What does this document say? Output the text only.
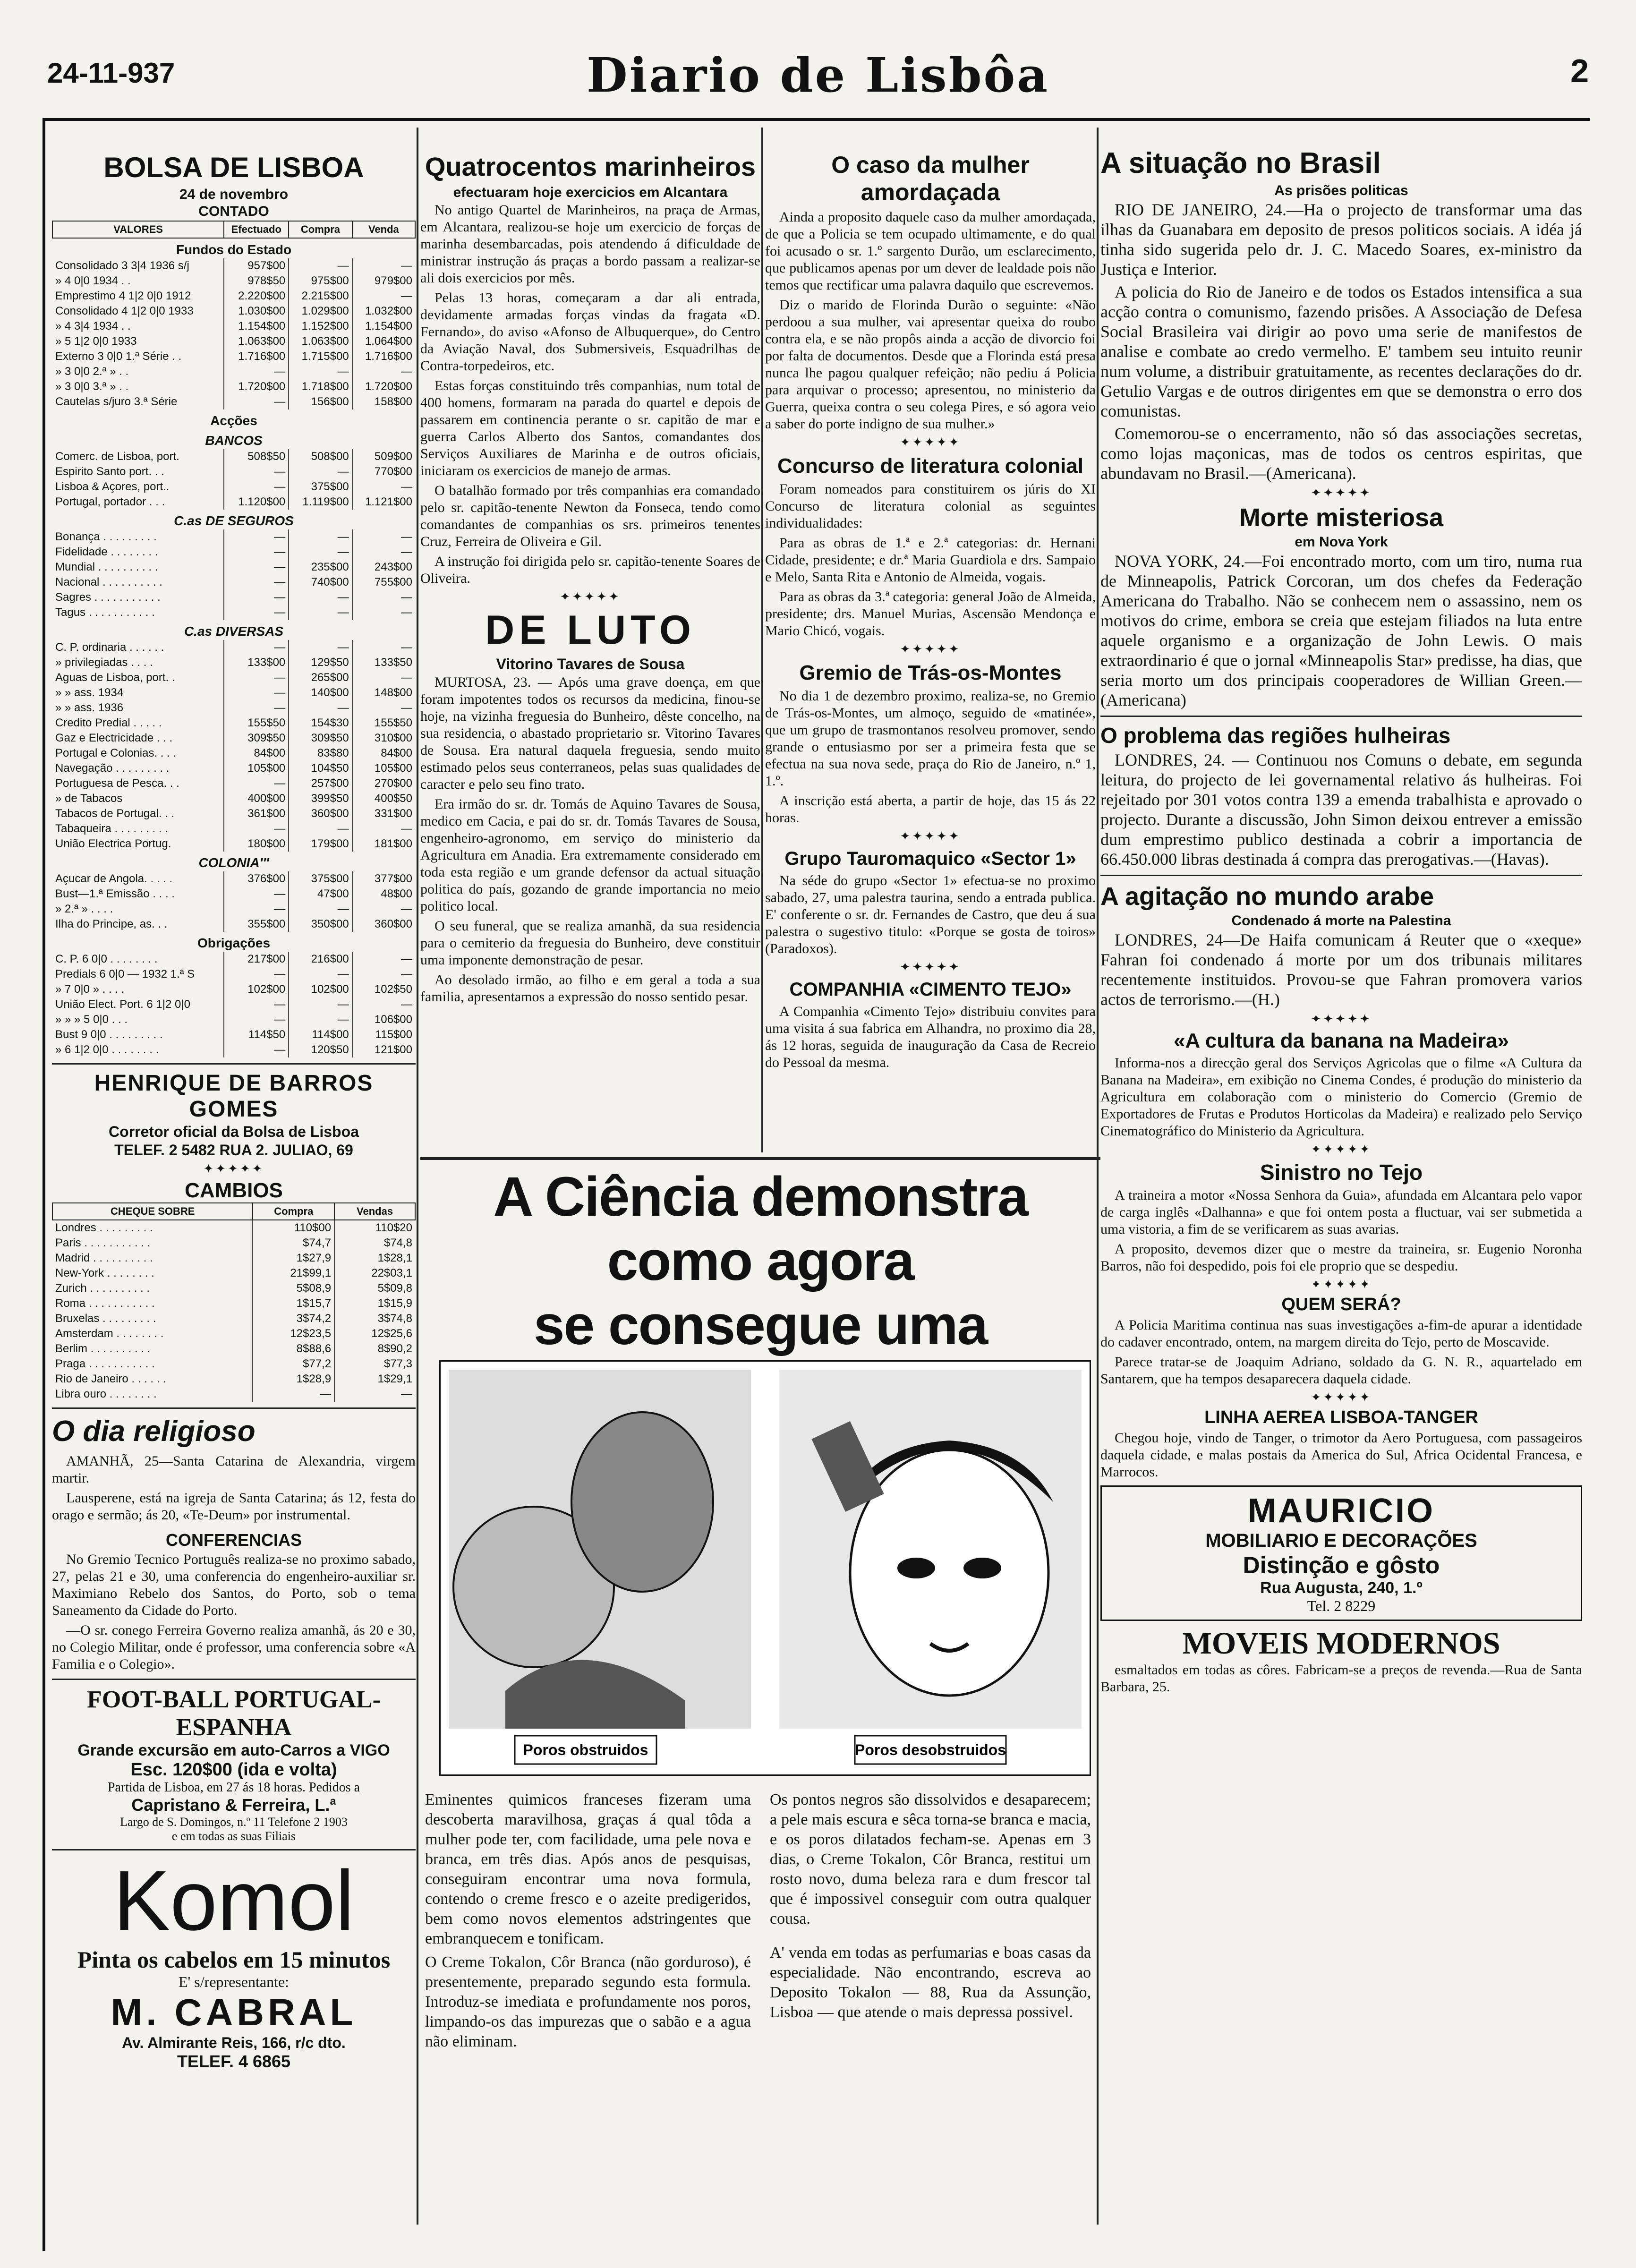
24-11-937	Diario de Lisbôa	2
BOLSA DE LISBOA
24 de novembro
CONTADO
VALORES	Efectuado	Compra	Venda
Fundos do Estado			
Consolidado 3 3|4 1936 s/j	957$00	—	—
» 4 0|0 1934 . .	978$50	975$00	979$00
Emprestimo 4 1|2 0|0 1912	2.220$00	2.215$00	—
Consolidado 4 1|2 0|0 1933	1.030$00	1.029$00	1.032$00
» 4 3|4 1934 . .	1.154$00	1.152$00	1.154$00
» 5 1|2 0|0 1933	1.063$00	1.063$00	1.064$00
Externo 3 0|0 1.ª Série . .	1.716$00	1.715$00	1.716$00
» 3 0|0 2.ª » . .	—	—	—
» 3 0|0 3.ª » . .	1.720$00	1.718$00	1.720$00
Cautelas s/juro 3.ª Série	—	156$00	158$00
Acções			
BANCOS			
Comerc. de Lisboa, port.	508$50	508$00	509$00
Espirito Santo port. . .	—	—	770$00
Lisboa & Açores, port..	—	375$00	—
Portugal, portador . . .	1.120$00	1.119$00	1.121$00
C.as DE SEGUROS			
Bonança . . . . . . . . .	—	—	—
Fidelidade . . . . . . . .	—	—	—
Mundial . . . . . . . . . .	—	235$00	243$00
Nacional . . . . . . . . . .	—	740$00	755$00
Sagres . . . . . . . . . . .	—	—	—
Tagus . . . . . . . . . . .	—	—	—
C.as DIVERSAS			
C. P. ordinaria . . . . . .	—	—	—
» privilegiadas . . . .	133$00	129$50	133$50
Aguas de Lisboa, port. .	—	265$00	—
» » ass. 1934	—	140$00	148$00
» » ass. 1936	—	—	—
Credito Predial . . . . .	155$50	154$30	155$50
Gaz e Electricidade . . .	309$50	309$50	310$00
Portugal e Colonias. . . .	84$00	83$80	84$00
Navegação . . . . . . . . .	105$00	104$50	105$00
Portuguesa de Pesca. . .	—	257$00	270$00
» de Tabacos	400$00	399$50	400$50
Tabacos de Portugal. . .	361$00	360$00	331$00
Tabaqueira . . . . . . . . .	—	—	—
União Electrica Portug.	180$00	179$00	181$00
COLONIA'''			
Açucar de Angola. . . . .	376$00	375$00	377$00
Bust—1.ª Emissão . . . .	—	47$00	48$00
» 2.ª » . . . .	—	—	—
Ilha do Principe, as. . .	355$00	350$00	360$00
Obrigações			
C. P. 6 0|0 . . . . . . . .	217$00	216$00	—
Predials 6 0|0 — 1932 1.ª S	—	—	—
» 7 0|0 » . . . .	102$00	102$00	102$50
União Elect. Port. 6 1|2 0|0	—	—	—
» » » 5 0|0 . . .	—	—	106$00
Bust 9 0|0 . . . . . . . . .	114$50	114$00	115$00
» 6 1|2 0|0 . . . . . . . .	—	120$50	121$00
HENRIQUE DE BARROS GOMES
Corretor oficial da Bolsa de Lisboa
TELEF. 2 5482 RUA 2. JULIAO, 69
✦✦✦✦✦
CAMBIOS
CHEQUE SOBRE	Compra	Vendas
Londres . . . . . . . . .	110$00	110$20
Paris . . . . . . . . . . .	$74,7	$74,8
Madrid . . . . . . . . . .	1$27,9	1$28,1
New-York . . . . . . . .	21$99,1	22$03,1
Zurich . . . . . . . . . .	5$08,9	5$09,8
Roma . . . . . . . . . . .	1$15,7	1$15,9
Bruxelas . . . . . . . . .	3$74,2	3$74,8
Amsterdam . . . . . . . .	12$23,5	12$25,6
Berlim . . . . . . . . . .	8$88,6	8$90,2
Praga . . . . . . . . . . .	$77,2	$77,3
Rio de Janeiro . . . . . .	1$28,9	1$29,1
Libra ouro . . . . . . . .	—	—
O dia religioso

AMANHÃ, 25—Santa Catarina de Alexandria, virgem martir.

Lausperene, está na igreja de Santa Catarina; ás 12, festa do orago e sermão; ás 20, «Te-Deum» por instrumental.

CONFERENCIAS

No Gremio Tecnico Português realiza-se no proximo sabado, 27, pelas 21 e 30, uma conferencia do engenheiro-auxiliar sr. Maximiano Rebelo dos Santos, do Porto, sob o tema Saneamento da Cidade do Porto.

—O sr. conego Ferreira Governo realiza amanhã, ás 20 e 30, no Colegio Militar, onde é professor, uma conferencia sobre «A Familia e o Colegio».

FOOT-BALL PORTUGAL-ESPANHA
Grande excursão em auto-Carros a VIGO
Esc. 120$00 (ida e volta)
Partida de Lisboa, em 27 ás 18 horas. Pedidos a
Capristano & Ferreira, L.ª
Largo de S. Domingos, n.º 11 Telefone 2 1903
e em todas as suas Filiais
Komol
Pinta os cabelos em 15 minutos
E' s/representante:
M. CABRAL
Av. Almirante Reis, 166, r/c dto.
TELEF. 4 6865
Quatrocentos marinheiros
efectuaram hoje exercicios em Alcantara

No antigo Quartel de Marinheiros, na praça de Armas, em Alcantara, realizou-se hoje um exercicio de forças de marinha desembarcadas, pois atendendo á dificuldade de ministrar instrução ás praças a bordo passam a realizar-se ali dois exercicios por mês.

Pelas 13 horas, começaram a dar ali entrada, devidamente armadas forças vindas da fragata «D. Fernando», do aviso «Afonso de Albuquerque», do Centro da Aviação Naval, dos Submersiveis, Esquadrilhas de Contra-torpedeiros, etc.

Estas forças constituindo três companhias, num total de 400 homens, formaram na parada do quartel e depois de passarem em continencia perante o sr. capitão de mar e guerra Carlos Alberto dos Santos, comandantes dos Serviços Auxiliares de Marinha e de outros oficiais, iniciaram os exercicios de manejo de armas.

O batalhão formado por três companhias era comandado pelo sr. capitão-tenente Newton da Fonseca, tendo como comandantes de companhias os srs. primeiros tenentes Cruz, Ferreira de Oliveira e Gil.

A instrução foi dirigida pelo sr. capitão-tenente Soares de Oliveira.

✦✦✦✦✦
DE LUTO
Vitorino Tavares de Sousa

MURTOSA, 23. — Após uma grave doença, em que foram impotentes todos os recursos da medicina, finou-se hoje, na vizinha freguesia do Bunheiro, dêste concelho, na sua residencia, o abastado proprietario sr. Vitorino Tavares de Sousa. Era natural daquela freguesia, sendo muito estimado pelos seus conterraneos, pelas suas qualidades de caracter e pelo seu fino trato.

Era irmão do sr. dr. Tomás de Aquino Tavares de Sousa, medico em Cacia, e pai do sr. dr. Tomás Tavares de Sousa, engenheiro-agronomo, em serviço do ministerio da Agricultura em Anadia. Era extremamente considerado em toda esta região e um grande defensor da actual situação politica do país, gozando de grande importancia no meio politico local.

O seu funeral, que se realiza amanhã, da sua residencia para o cemiterio da freguesia do Bunheiro, deve constituir uma imponente demonstração de pesar.

Ao desolado irmão, ao filho e em geral a toda a sua familia, apresentamos a expressão do nosso sentido pesar.

O caso da mulher amordaçada

Ainda a proposito daquele caso da mulher amordaçada, de que a Policia se tem ocupado ultimamente, e do qual foi acusado o sr. 1.º sargento Durão, um esclarecimento, que publicamos apenas por um dever de lealdade pois não temos que rectificar uma palavra daquilo que escrevemos.

Diz o marido de Florinda Durão o seguinte: «Não perdoou a sua mulher, vai apresentar queixa do roubo contra ela, e se não propôs ainda a acção de divorcio foi por falta de documentos. Desde que a Florinda está presa nunca lhe pagou qualquer refeição; não pediu á Policia para arquivar o processo; apresentou, no ministerio da Guerra, queixa contra o seu colega Pires, e só agora veio a saber do porte indigno de sua mulher.»

✦✦✦✦✦
Concurso de literatura colonial

Foram nomeados para constituirem os júris do XI Concurso de literatura colonial as seguintes individualidades:

Para as obras de 1.ª e 2.ª categorias: dr. Hernani Cidade, presidente; e dr.ª Maria Guardiola e drs. Sampaio e Melo, Santa Rita e Antonio de Almeida, vogais.

Para as obras da 3.ª categoria: general João de Almeida, presidente; drs. Manuel Murias, Ascensão Mendonça e Mario Chicó, vogais.

✦✦✦✦✦
Gremio de Trás-os-Montes

No dia 1 de dezembro proximo, realiza-se, no Gremio de Trás-os-Montes, um almoço, seguido de «matinée», que um grupo de trasmontanos resolveu promover, sendo grande o entusiasmo por ser a primeira festa que se efectua na sua nova sede, praça do Rio de Janeiro, n.º 1, 1.º.

A inscrição está aberta, a partir de hoje, das 15 ás 22 horas.

✦✦✦✦✦
Grupo Tauromaquico «Sector 1»

Na séde do grupo «Sector 1» efectua-se no proximo sabado, 27, uma palestra taurina, sendo a entrada publica. E' conferente o sr. dr. Fernandes de Castro, que deu á sua palestra o sugestivo titulo: «Porque se gosta de toiros» (Paradoxos).

✦✦✦✦✦
COMPANHIA «CIMENTO TEJO»

A Companhia «Cimento Tejo» distribuiu convites para uma visita á sua fabrica em Alhandra, no proximo dia 28, ás 12 horas, seguida de inauguração da Casa de Recreio do Pessoal da mesma.

A Ciência demonstra como agora
se consegue uma
Poros obstruidos	Poros desobstruidos
Eminentes quimicos franceses fizeram uma descoberta maravilhosa, graças á qual tôda a mulher pode ter, com facilidade, uma pele nova e branca, em três dias. Após anos de pesquisas, conseguiram encontrar uma nova formula, contendo o creme fresco e o azeite predigeridos, bem como novos elementos adstringentes que embranquecem e tonificam.
O Creme Tokalon, Côr Branca (não gorduroso), é presentemente, preparado segundo esta formula. Introduz-se imediata e profundamente nos poros, limpando-os das impurezas que o sabão e a agua não eliminam.
Os pontos negros são dissolvidos e desaparecem; a pele mais escura e sêca torna-se branca e macia, e os poros dilatados fecham-se. Apenas em 3 dias, o Creme Tokalon, Côr Branca, restitui um rosto novo, duma beleza rara e dum frescor tal que é impossivel conseguir com outra qualquer cousa.
A' venda em todas as perfumarias e boas casas da especialidade. Não encontrando, escreva ao Deposito Tokalon — 88, Rua da Assunção, Lisboa — que atende o mais depressa possivel.
A situação no Brasil
As prisões politicas

RIO DE JANEIRO, 24.—Ha o projecto de transformar uma das ilhas da Guanabara em deposito de presos politicos sociais. A idéa já tinha sido sugerida pelo dr. J. C. Macedo Soares, ex-ministro da Justiça e Interior.

A policia do Rio de Janeiro e de todos os Estados intensifica a sua acção contra o comunismo, fazendo prisões. A Associação de Defesa Social Brasileira vai dirigir ao povo uma serie de manifestos de analise e combate ao credo vermelho. E' tambem seu intuito reunir num volume, a distribuir gratuitamente, as recentes declarações do dr. Getulio Vargas e de outros dirigentes em que se demonstra o erro dos comunistas.

Comemorou-se o encerramento, não só das associações secretas, como lojas maçonicas, mas de todos os centros espiritas, que abundavam no Brasil.—(Americana).

✦✦✦✦✦
Morte misteriosa
em Nova York

NOVA YORK, 24.—Foi encontrado morto, com um tiro, numa rua de Minneapolis, Patrick Corcoran, um dos chefes da Federação Americana do Trabalho. Não se conhecem nem o assassino, nem os motivos do crime, embora se creia que estejam filiados na luta entre aquele organismo e a organização de John Lewis. O mais extraordinario é que o jornal «Minneapolis Star» predisse, ha dias, que seria morto um dos principais cooperadores de Willian Green.—(Americana)

O problema das regiões hulheiras

LONDRES, 24. — Continuou nos Comuns o debate, em segunda leitura, do projecto de lei governamental relativo ás hulheiras. Foi rejeitado por 301 votos contra 139 a emenda trabalhista e aprovado o projecto. Durante a discussão, John Simon deixou entrever a emissão dum emprestimo publico destinada a cobrir a importancia de 66.450.000 libras destinada á compra das prerogativas.—(Havas).

A agitação no mundo arabe
Condenado á morte na Palestina

LONDRES, 24—De Haifa comunicam á Reuter que o «xeque» Fahran foi condenado á morte por um dos tribunais militares recentemente instituidos. Provou-se que Fahran promovera varios actos de terrorismo.—(H.)

✦✦✦✦✦
«A cultura da banana na Madeira»

Informa-nos a direcção geral dos Serviços Agricolas que o filme «A Cultura da Banana na Madeira», em exibição no Cinema Condes, é produção do ministerio da Agricultura em colaboração com o ministerio do Comercio (Gremio de Exportadores de Frutas e Produtos Horticolas da Madeira) e realizado pelo Serviço Cinematográfico do Ministerio da Agricultura.

✦✦✦✦✦
Sinistro no Tejo

A traineira a motor «Nossa Senhora da Guia», afundada em Alcantara pelo vapor de carga inglês «Dalhanna» e que foi ontem posta a fluctuar, vai ser submetida a uma vistoria, a fim de se verificarem as suas avarias.

A proposito, devemos dizer que o mestre da traineira, sr. Eugenio Noronha Barros, não foi despedido, pois foi ele proprio que se despediu.

✦✦✦✦✦
QUEM SERÁ?

A Policia Maritima continua nas suas investigações a-fim-de apurar a identidade do cadaver encontrado, ontem, na margem direita do Tejo, perto de Moscavide.

Parece tratar-se de Joaquim Adriano, soldado da G. N. R., aquartelado em Santarem, que ha tempos desaparecera daquela cidade.

✦✦✦✦✦
LINHA AEREA LISBOA-TANGER

Chegou hoje, vindo de Tanger, o trimotor da Aero Portuguesa, com passageiros daquela cidade, e malas postais da America do Sul, Africa Ocidental Francesa, e Marrocos.

MAURICIO
MOBILIARIO E DECORAÇÕES
Distinção e gôsto
Rua Augusta, 240, 1.º
Tel. 2 8229
MOVEIS MODERNOS

esmaltados em todas as côres. Fabricam-se a preços de revenda.—Rua de Santa Barbara, 25.
